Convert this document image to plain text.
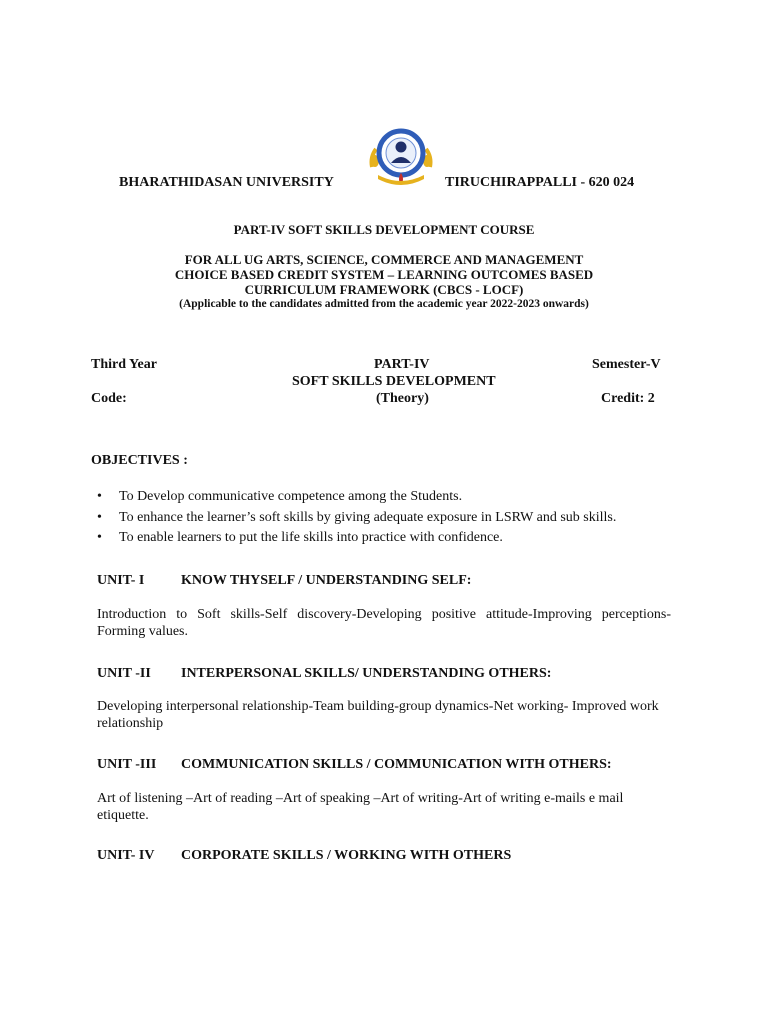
BHARATHIDASAN UNIVERSITY	TIRUCHIRAPPALLI - 620 024
PART-IV SOFT SKILLS DEVELOPMENT COURSE
FOR ALL UG ARTS, SCIENCE, COMMERCE AND MANAGEMENT
CHOICE BASED CREDIT SYSTEM – LEARNING OUTCOMES BASED
CURRICULUM FRAMEWORK (CBCS - LOCF)
(Applicable to the candidates admitted from the academic year 2022-2023 onwards)
Third Year	PART-IV	Semester-V
SOFT SKILLS DEVELOPMENT
Code:	(Theory)	Credit: 2
OBJECTIVES :
• To Develop communicative competence among the Students.
• To enhance the learner’s soft skills by giving adequate exposure in LSRW and sub skills.
• To enable learners to put the life skills into practice with confidence.
UNIT- I	KNOW THYSELF / UNDERSTANDING SELF:
Introduction to Soft skills-Self discovery-Developing positive attitude-Improving perceptions- Forming values.
UNIT -II INTERPERSONAL SKILLS/ UNDERSTANDING OTHERS:
Developing interpersonal relationship-Team building-group dynamics-Net working- Improved work relationship
UNIT -III COMMUNICATION SKILLS / COMMUNICATION WITH OTHERS:
Art of listening –Art of reading –Art of speaking –Art of writing-Art of writing e-mails e mail etiquette.
UNIT- IV CORPORATE SKILLS / WORKING WITH OTHERS
